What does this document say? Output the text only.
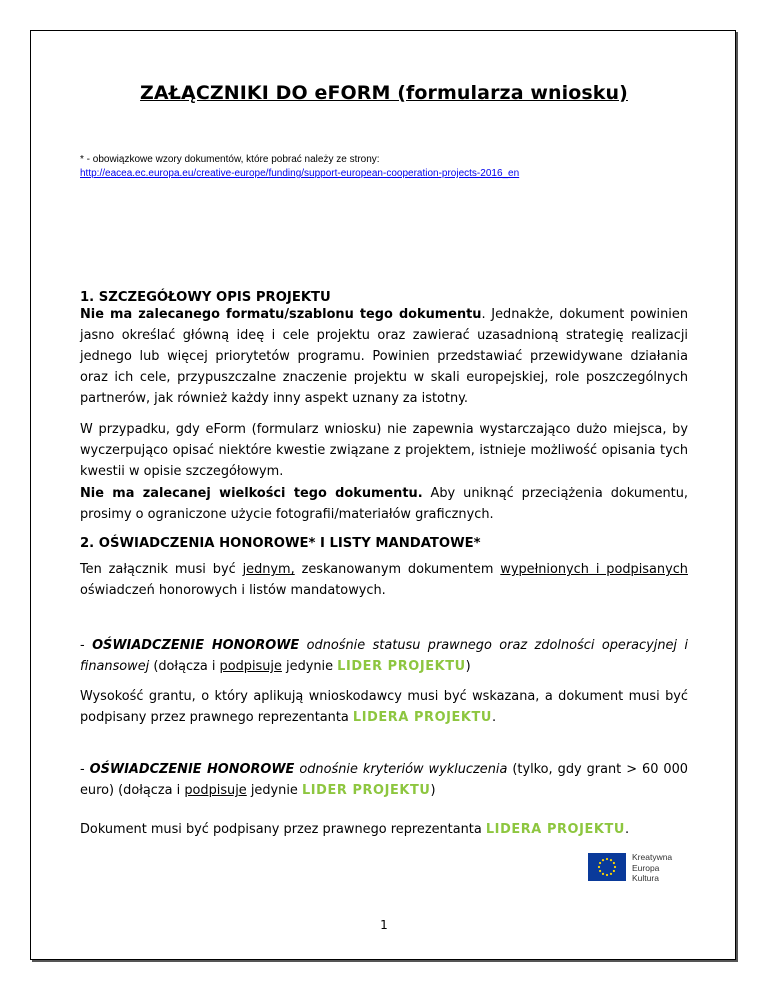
ZAŁĄCZNIKI DO eFORM (formularza wniosku)
* - obowiązkowe wzory dokumentów, które pobrać należy ze strony:
http://eacea.ec.europa.eu/creative-europe/funding/support-european-cooperation-projects-2016_en
1. SZCZEGÓŁOWY OPIS PROJEKTU
Nie ma zalecanego formatu/szablonu tego dokumentu. Jednakże, dokument powinien jasno określać główną ideę i cele projektu oraz zawierać uzasadnioną strategię realizacji jednego lub więcej priorytetów programu. Powinien przedstawiać przewidywane działania oraz ich cele, przypuszczalne znaczenie projektu w skali europejskiej, role poszczególnych partnerów, jak również każdy inny aspekt uznany za istotny.
W przypadku, gdy eForm (formularz wniosku) nie zapewnia wystarczająco dużo miejsca, by wyczerpująco opisać niektóre kwestie związane z projektem, istnieje możliwość opisania tych kwestii w opisie szczegółowym.
Nie ma zalecanej wielkości tego dokumentu. Aby uniknąć przeciążenia dokumentu, prosimy o ograniczone użycie fotografii/materiałów graficznych.
2. OŚWIADCZENIA HONOROWE* I LISTY MANDATOWE*
Ten załącznik musi być jednym, zeskanowanym dokumentem wypełnionych i podpisanych oświadczeń honorowych i listów mandatowych.
- OŚWIADCZENIE HONOROWE odnośnie statusu prawnego oraz zdolności operacyjnej i finansowej (dołącza i podpisuje jedynie LIDER PROJEKTU)
Wysokość grantu, o który aplikują wnioskodawcy musi być wskazana, a dokument musi być podpisany przez prawnego reprezentanta LIDERA PROJEKTU.
- OŚWIADCZENIE HONOROWE odnośnie kryteriów wykluczenia (tylko, gdy grant > 60 000 euro) (dołącza i podpisuje jedynie LIDER PROJEKTU)
Dokument musi być podpisany przez prawnego reprezentanta LIDERA PROJEKTU.
Kreatywna
Europa
Kultura
1
